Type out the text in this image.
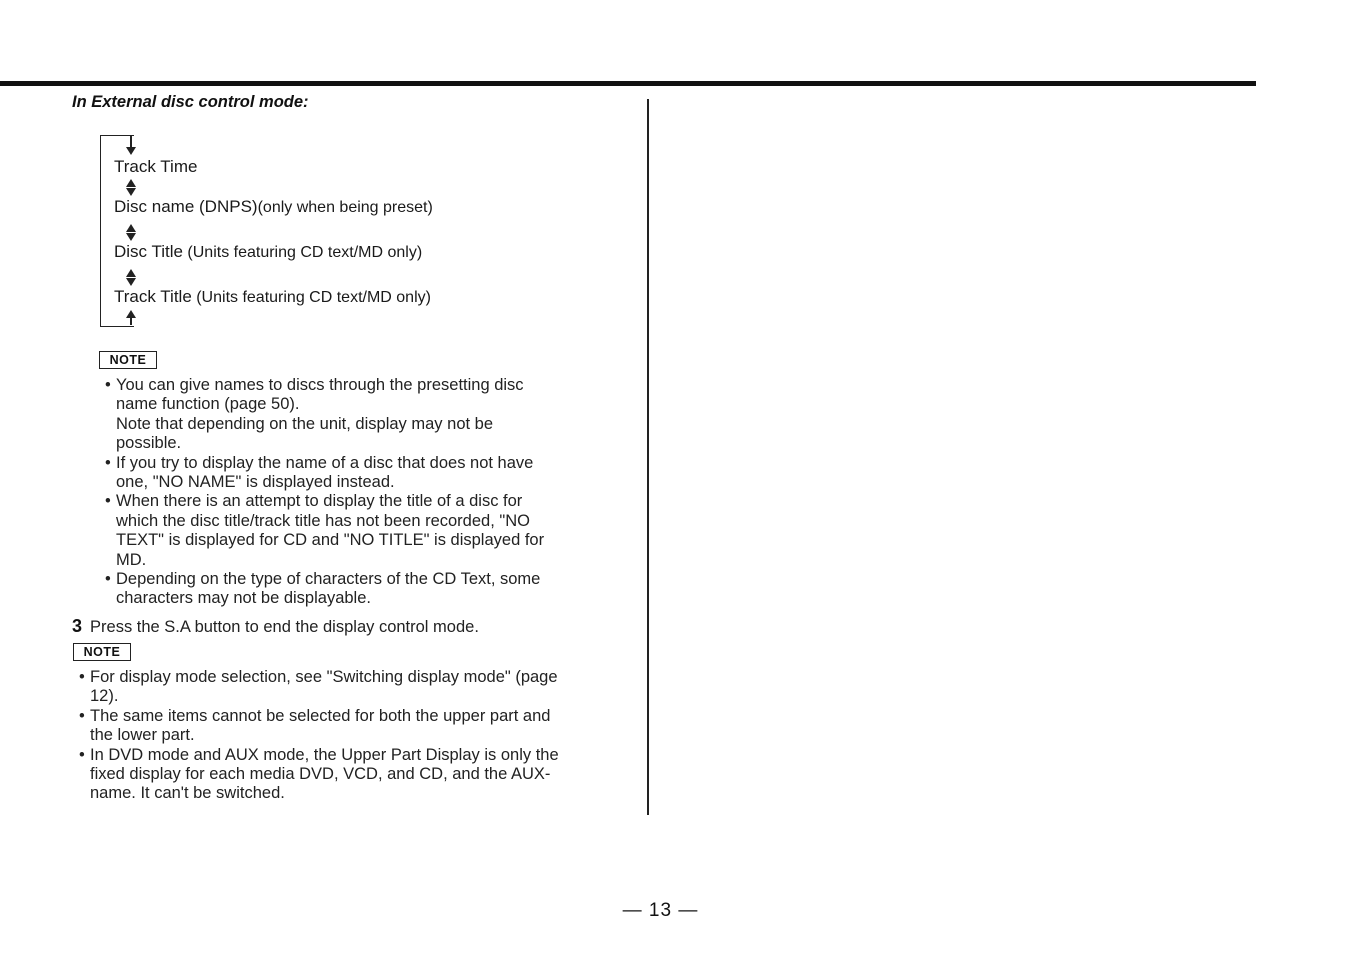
In External disc control mode:
Track Time
Disc name (DNPS)(only when being preset)
Disc Title (Units featuring CD text/MD only)
Track Title (Units featuring CD text/MD only)
NOTE
• You can give names to discs through the presetting disc
name function (page 50).
Note that depending on the unit, display may not be
possible.
• If you try to display the name of a disc that does not have
one, "NO NAME" is displayed instead.
• When there is an attempt to display the title of a disc for
which the disc title/track title has not been recorded, "NO
TEXT" is displayed for CD and "NO TITLE" is displayed for
MD.
• Depending on the type of characters of the CD Text, some
characters may not be displayable.
3 Press the S.A button to end the display control mode.
NOTE
• For display mode selection, see "Switching display mode" (page
12).
• The same items cannot be selected for both the upper part and
the lower part.
• In DVD mode and AUX mode, the Upper Part Display is only the
fixed display for each media DVD, VCD, and CD, and the AUX-
name. It can't be switched.
— 13 —
